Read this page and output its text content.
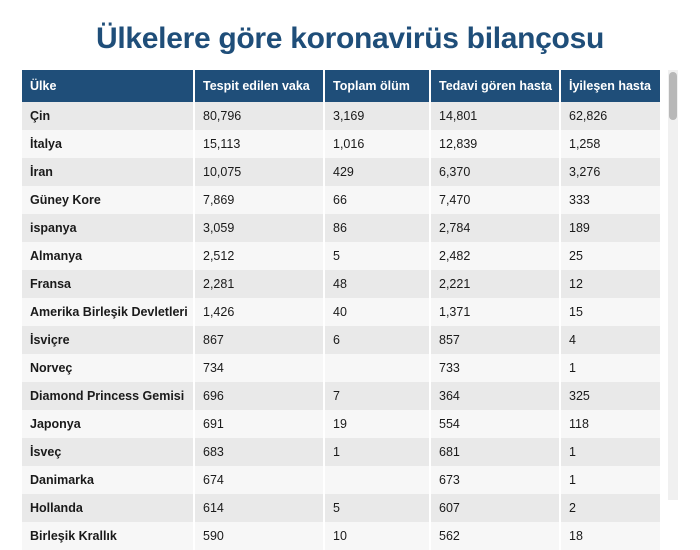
Ülkelere göre koronavirüs bilançosu
Ülke	Tespit edilen vaka	Toplam ölüm	Tedavi gören hasta	İyileşen hasta
Çin	80,796	3,169	14,801	62,826
İtalya	15,113	1,016	12,839	1,258
İran	10,075	429	6,370	3,276
Güney Kore	7,869	66	7,470	333
ispanya	3,059	86	2,784	189
Almanya	2,512	5	2,482	25
Fransa	2,281	48	2,221	12
Amerika Birleşik Devletleri	1,426	40	1,371	15
İsviçre	867	6	857	4
Norveç	734		733	1
Diamond Princess Gemisi	696	7	364	325
Japonya	691	19	554	118
İsveç	683	1	681	1
Danimarka	674		673	1
Hollanda	614	5	607	2
Birleşik Krallık	590	10	562	18
